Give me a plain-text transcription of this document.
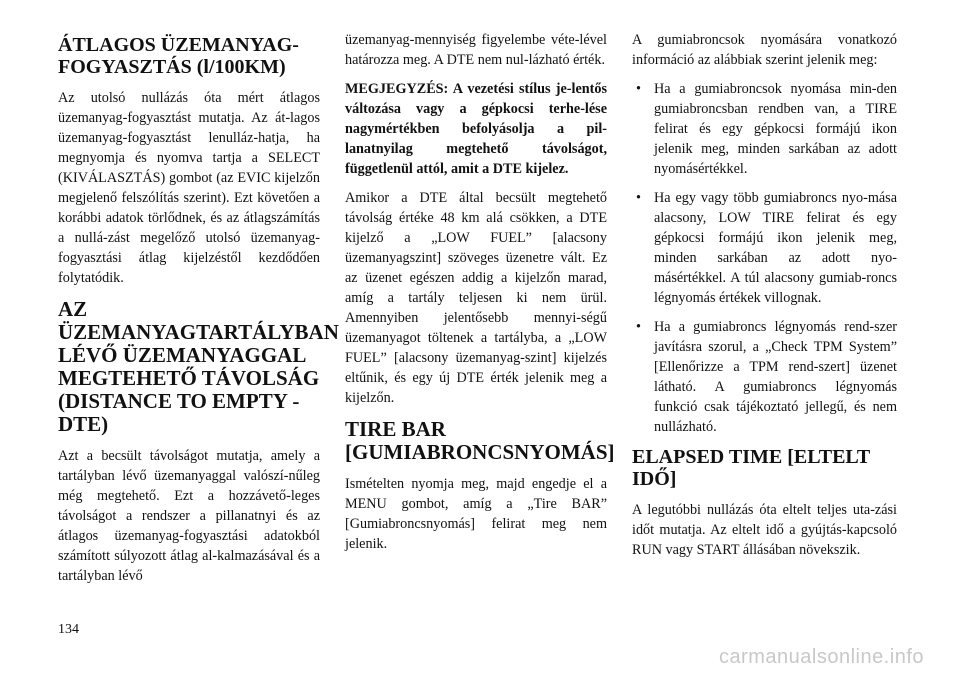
ÁTLAGOS ÜZEMANYAG-FOGYASZTÁS (l/100KM)

Az utolsó nullázás óta mért átlagos üzemanyag-fogyasztást mutatja. Az át-lagos üzemanyag-fogyasztást lenulláz-hatja, ha megnyomja és nyomva tartja a SELECT (KIVÁLASZTÁS) gombot (az EVIC kijelzőn megjelenő felszólítás szerint). Ezt követően a korábbi adatok törlődnek, és az átlagszámítás a nullá-zást megelőző utolsó üzemanyag-fogyasztási átlag kijelzéstől kezdődően folytatódik.

AZ ÜZEMANYAGTARTÁLYBAN LÉVŐ ÜZEMANYAGGAL MEGTEHETŐ TÁVOLSÁG (DISTANCE TO EMPTY - DTE)

Azt a becsült távolságot mutatja, amely a tartályban lévő üzemanyaggal valószí-nűleg még megtehető. Ezt a hozzávető-leges távolságot a rendszer a pillanatnyi és az átlagos üzemanyag-fogyasztási adatokból számított súlyozott átlag al-kalmazásával és a tartályban lévő

üzemanyag-mennyiség figyelembe véte-lével határozza meg. A DTE nem nul-lázható érték.

MEGJEGYZÉS: A vezetési stílus je-lentős változása vagy a gépkocsi terhe-lése nagymértékben befolyásolja a pil-lanatnyilag megtehető távolságot, függetlenül attól, amit a DTE kijelez.

Amikor a DTE által becsült megtehető távolság értéke 48 km alá csökken, a DTE kijelző a „LOW FUEL” [alacsony üzemanyagszint] szöveges üzenetre vált. Ez az üzenet egészen addig a kijelzőn marad, amíg a tartály teljesen ki nem ürül. Amennyiben jelentősebb mennyi-ségű üzemanyagot töltenek a tartályba, a „LOW FUEL” [alacsony üzemanyag-szint] kijelzés eltűnik, és egy új DTE érték jelenik meg a kijelzőn.

TIRE BAR [GUMIABRONCSNYOMÁS]

Ismételten nyomja meg, majd engedje el a MENU gombot, amíg a „Tire BAR” [Gumiabroncsnyomás] felirat meg nem jelenik.

A gumiabroncsok nyomására vonatkozó információ az alábbiak szerint jelenik meg:

• Ha a gumiabroncsok nyomása min-den gumiabroncsban rendben van, a TIRE felirat és egy gépkocsi formájú ikon jelenik meg, minden sarkában az adott nyomásértékkel.
• Ha egy vagy több gumiabroncs nyo-mása alacsony, LOW TIRE felirat és egy gépkocsi formájú ikon jelenik meg, minden sarkában az adott nyo-másértékkel. A túl alacsony gumiab-roncs légnyomás értékek villognak.
• Ha a gumiabroncs légnyomás rend-szer javításra szorul, a „Check TPM System” [Ellenőrizze a TPM rend-szert] üzenet látható. A gumiabroncs légnyomás funkció csak tájékoztató jellegű, és nem nullázható.
ELAPSED TIME [ELTELT IDŐ]

A legutóbbi nullázás óta eltelt teljes uta-zási időt mutatja. Az eltelt idő a gyújtás-kapcsoló RUN vagy START állásában növekszik.

134
carmanualsonline.info
